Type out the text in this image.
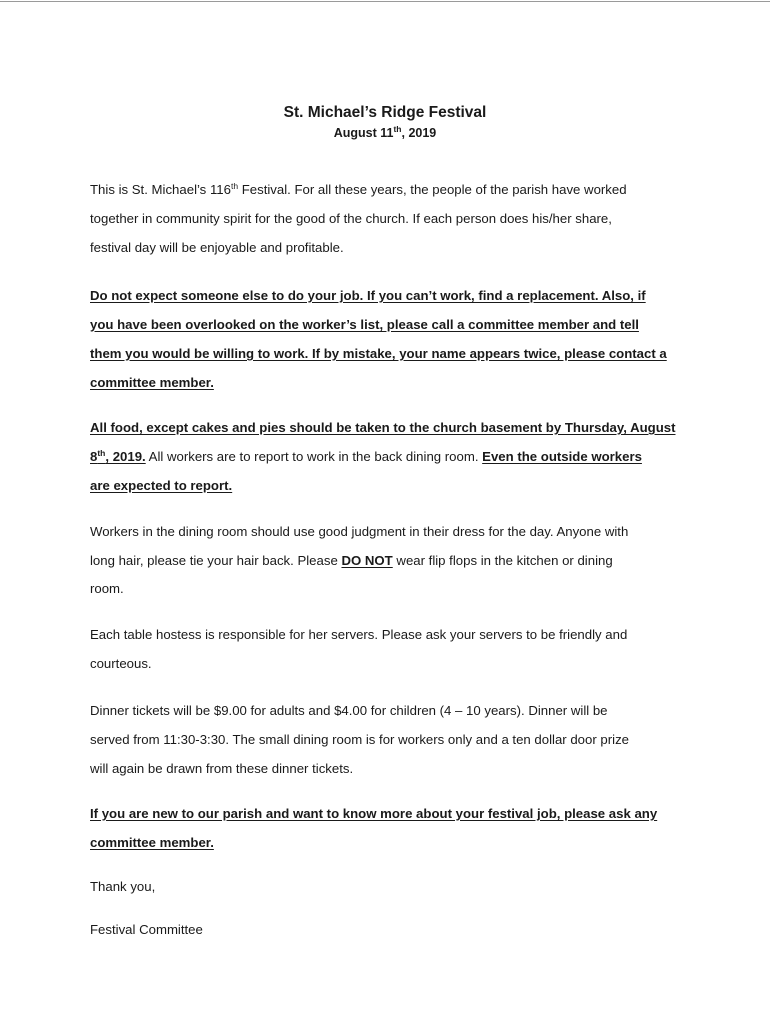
St. Michael’s Ridge Festival

August 11th, 2019

This is St. Michael’s 116th Festival. For all these years, the people of the parish have worked

together in community spirit for the good of the church. If each person does his/her share,

festival day will be enjoyable and profitable.

Do not expect someone else to do your job. If you can’t work, find a replacement. Also, if

you have been overlooked on the worker’s list, please call a committee member and tell

them you would be willing to work. If by mistake, your name appears twice, please contact a

committee member.

All food, except cakes and pies should be taken to the church basement by Thursday, August

8th, 2019. All workers are to report to work in the back dining room. Even the outside workers

are expected to report.

Workers in the dining room should use good judgment in their dress for the day. Anyone with

long hair, please tie your hair back. Please DO NOT wear flip flops in the kitchen or dining

room.

Each table hostess is responsible for her servers. Please ask your servers to be friendly and

courteous.

Dinner tickets will be $9.00 for adults and $4.00 for children (4 – 10 years). Dinner will be

served from 11:30-3:30. The small dining room is for workers only and a ten dollar door prize

will again be drawn from these dinner tickets.

If you are new to our parish and want to know more about your festival job, please ask any

committee member.

Thank you,

Festival Committee
